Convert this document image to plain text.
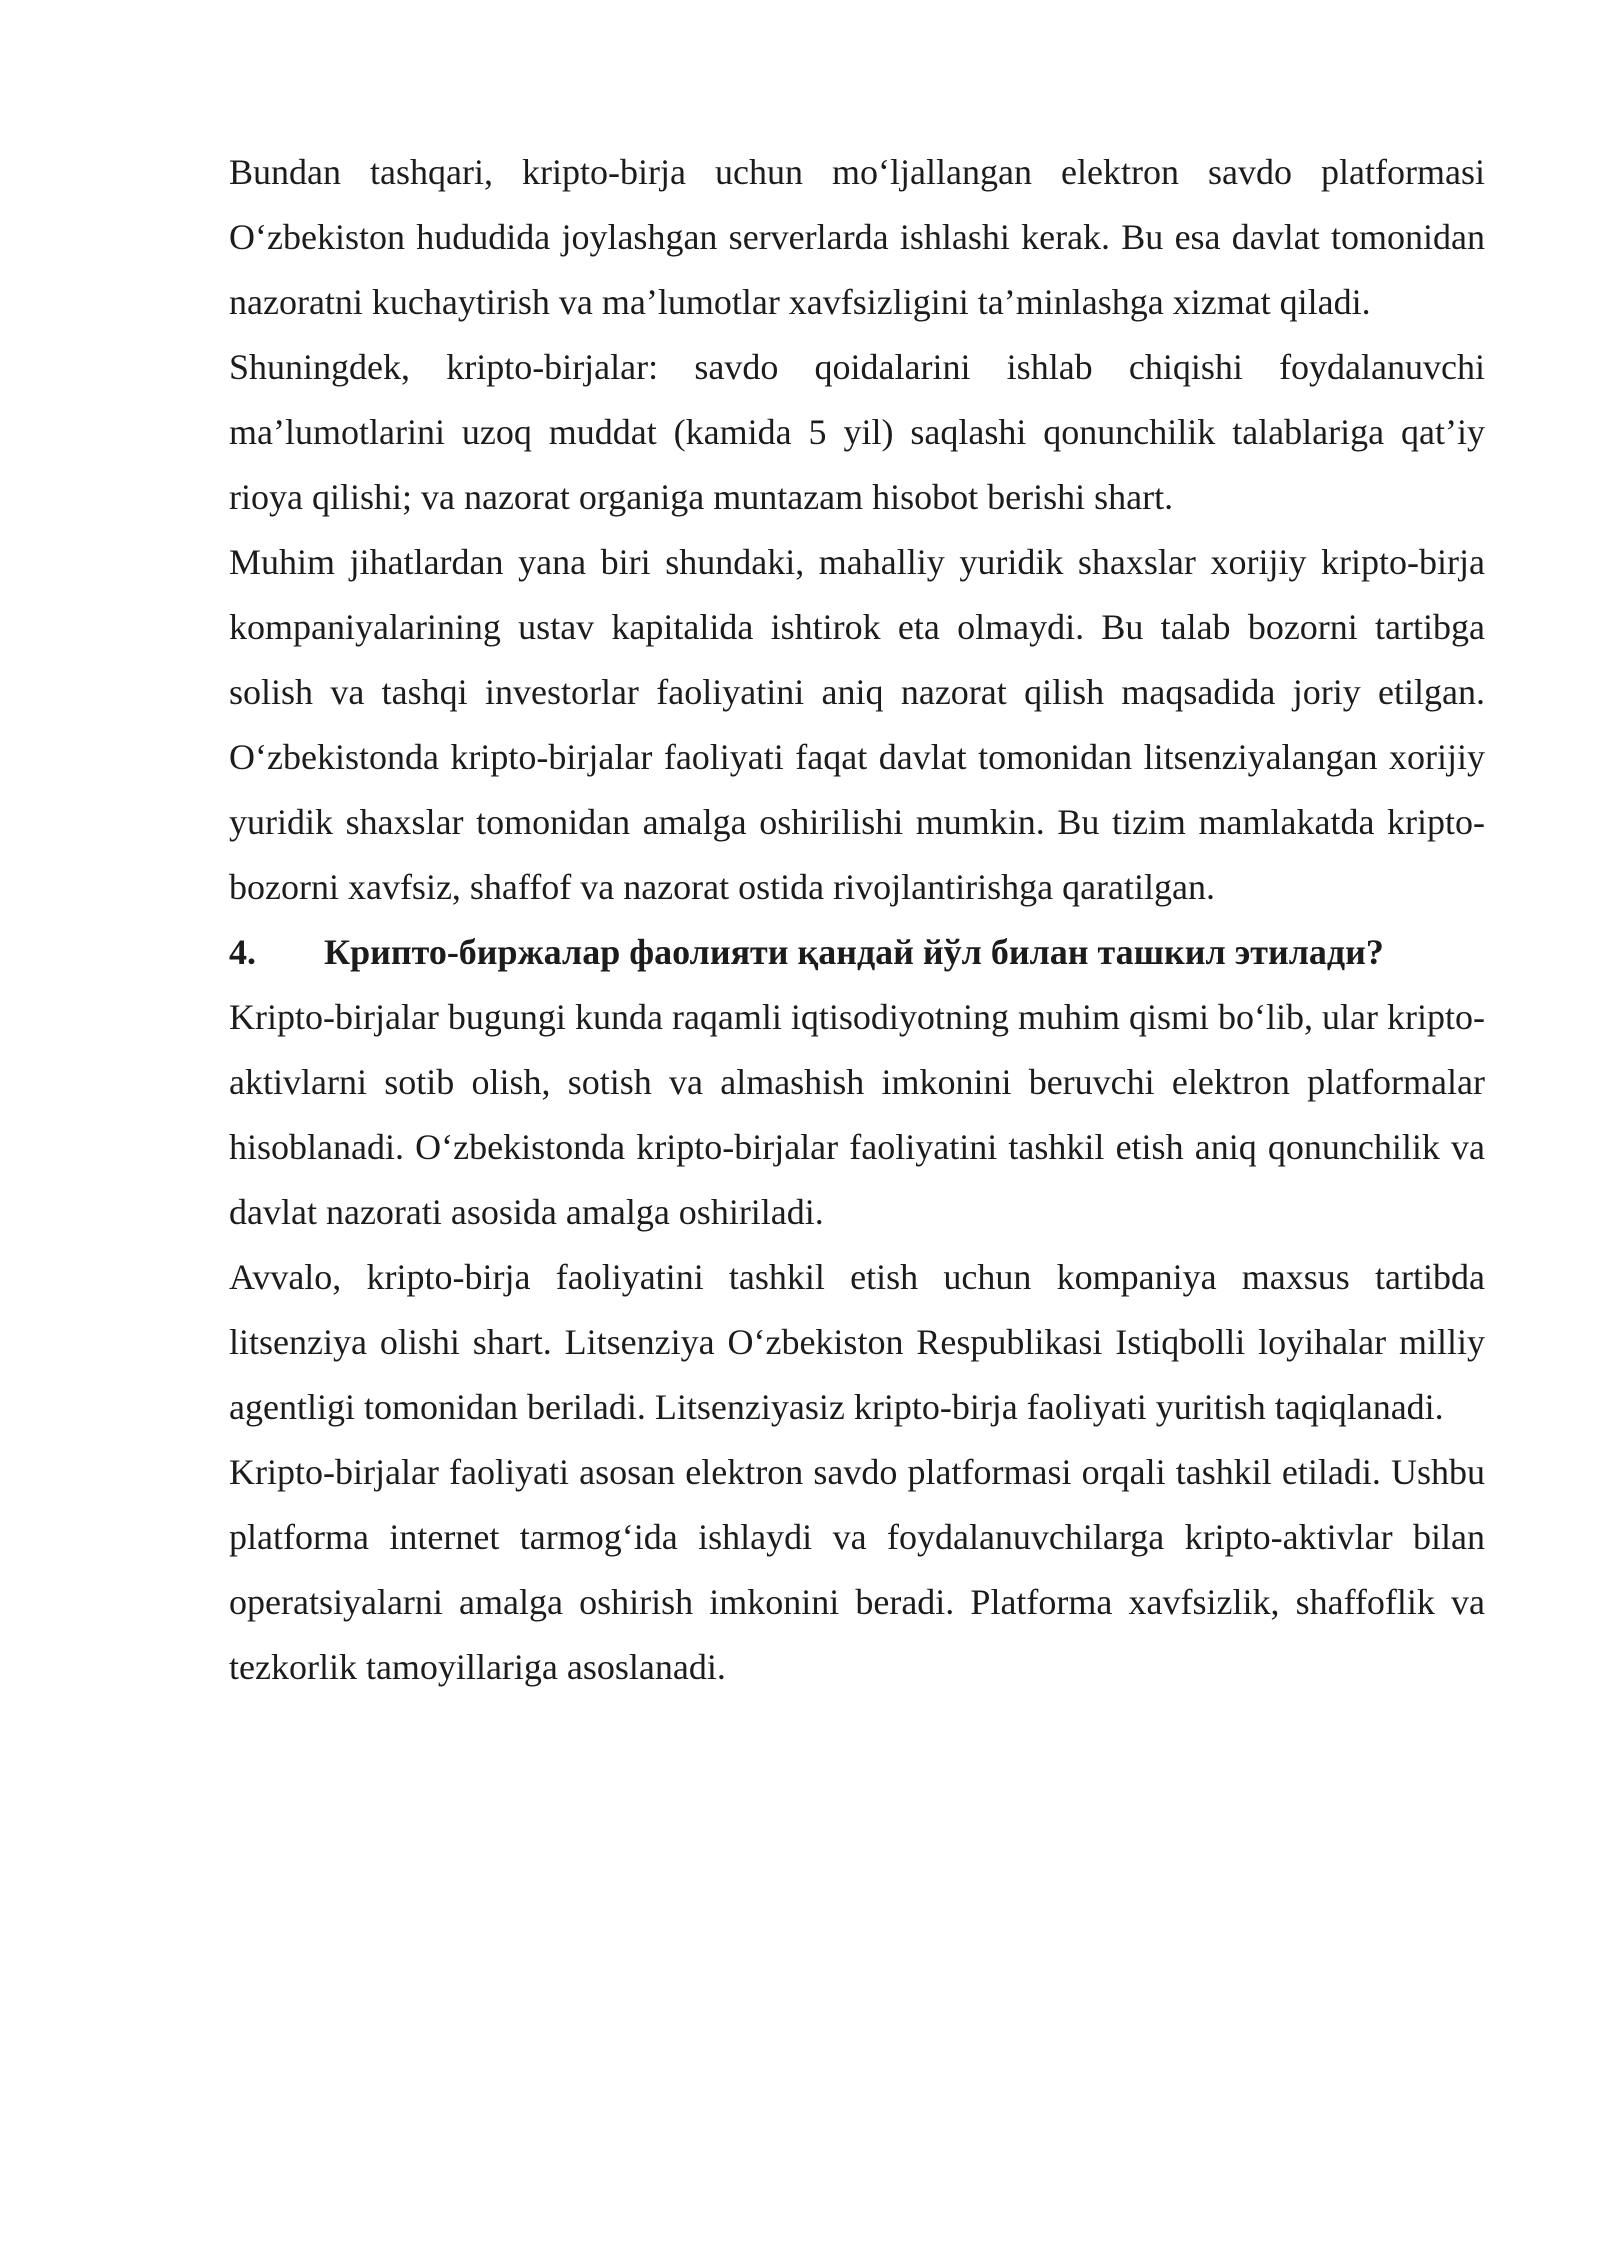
Bundan tashqari, kripto-birja uchun mo‘ljallangan elektron savdo platformasi O‘zbekiston hududida joylashgan serverlarda ishlashi kerak. Bu esa davlat tomonidan nazoratni kuchaytirish va ma’lumotlar xavfsizligini ta’minlashga xizmat qiladi.

Shuningdek, kripto-birjalar: savdo qoidalarini ishlab chiqishi foydalanuvchi ma’lumotlarini uzoq muddat (kamida 5 yil) saqlashi qonunchilik talablariga qat’iy rioya qilishi; va nazorat organiga muntazam hisobot berishi shart.

Muhim jihatlardan yana biri shundaki, mahalliy yuridik shaxslar xorijiy kripto-birja kompaniyalarining ustav kapitalida ishtirok eta olmaydi. Bu talab bozorni tartibga solish va tashqi investorlar faoliyatini aniq nazorat qilish maqsadida joriy etilgan. O‘zbekistonda kripto-birjalar faoliyati faqat davlat tomonidan litsenziyalangan xorijiy yuridik shaxslar tomonidan amalga oshirilishi mumkin. Bu tizim mamlakatda kripto-bozorni xavfsiz, shaffof va nazorat ostida rivojlantirishga qaratilgan.

4. Крипто-биржалар фаолияти қандай йўл билан ташкил этилади?

Kripto-birjalar bugungi kunda raqamli iqtisodiyotning muhim qismi bo‘lib, ular kripto-aktivlarni sotib olish, sotish va almashish imkonini beruvchi elektron platformalar hisoblanadi. O‘zbekistonda kripto-birjalar faoliyatini tashkil etish aniq qonunchilik va davlat nazorati asosida amalga oshiriladi.

Avvalo, kripto-birja faoliyatini tashkil etish uchun kompaniya maxsus tartibda litsenziya olishi shart. Litsenziya O‘zbekiston Respublikasi Istiqbolli loyihalar milliy agentligi tomonidan beriladi. Litsenziyasiz kripto-birja faoliyati yuritish taqiqlanadi.

Kripto-birjalar faoliyati asosan elektron savdo platformasi orqali tashkil etiladi. Ushbu platforma internet tarmog‘ida ishlaydi va foydalanuvchilarga kripto-aktivlar bilan operatsiyalarni amalga oshirish imkonini beradi. Platforma xavfsizlik, shaffoflik va tezkorlik tamoyillariga asoslanadi.
